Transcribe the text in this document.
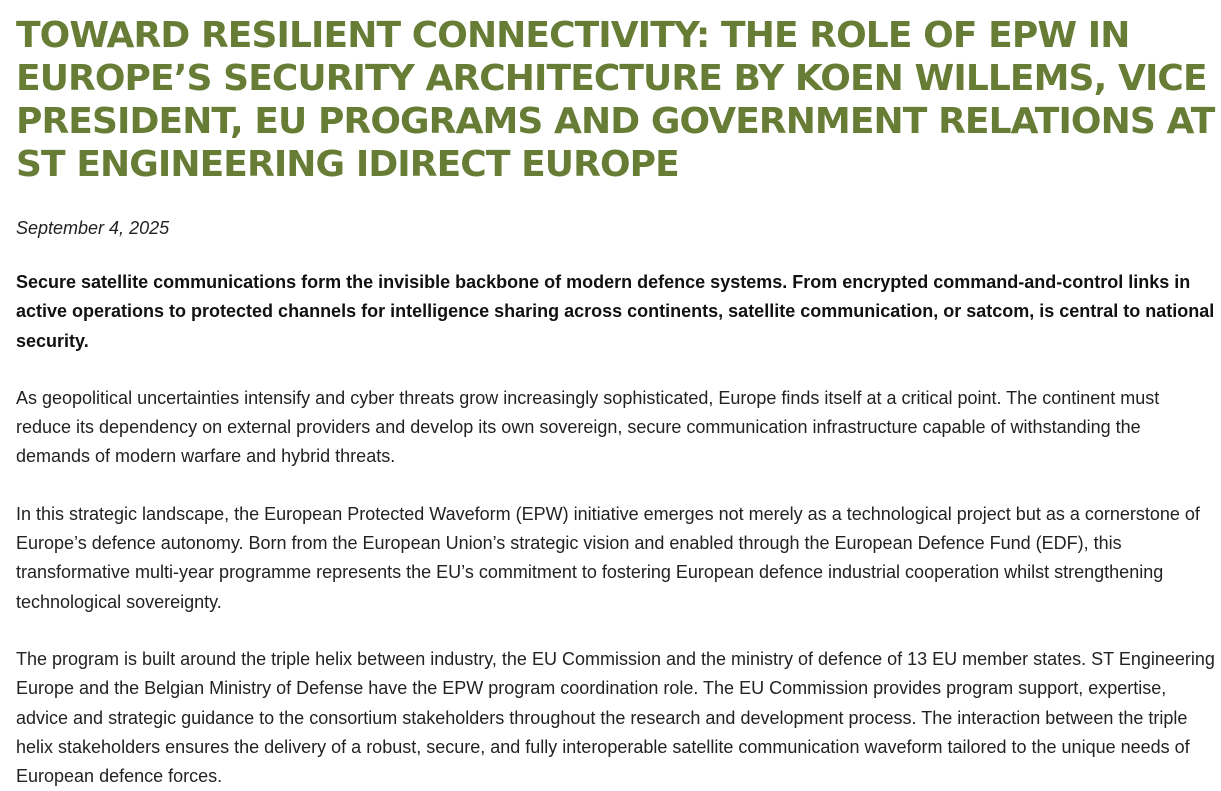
TOWARD RESILIENT CONNECTIVITY: THE ROLE OF EPW IN EUROPE’S SECURITY ARCHITECTURE BY KOEN WILLEMS, VICE PRESIDENT, EU PROGRAMS AND GOVERNMENT RELATIONS AT ST ENGINEERING IDIRECT EUROPE

September 4, 2025

Secure satellite communications form the invisible backbone of modern defence systems. From encrypted command-and-control links in active operations to protected channels for intelligence sharing across continents, satellite communication, or satcom, is central to national security.

As geopolitical uncertainties intensify and cyber threats grow increasingly sophisticated, Europe finds itself at a critical point. The continent must reduce its dependency on external providers and develop its own sovereign, secure communication infrastructure capable of withstanding the demands of modern warfare and hybrid threats.

In this strategic landscape, the European Protected Waveform (EPW) initiative emerges not merely as a technological project but as a cornerstone of Europe’s defence autonomy. Born from the European Union’s strategic vision and enabled through the European Defence Fund (EDF), this transformative multi-year programme represents the EU’s commitment to fostering European defence industrial cooperation whilst strengthening technological sovereignty.

The program is built around the triple helix between industry, the EU Commission and the ministry of defence of 13 EU member states. ST Engineering Europe and the Belgian Ministry of Defense have the EPW program coordination role. The EU Commission provides program support, expertise, advice and strategic guidance to the consortium stakeholders throughout the research and development process. The interaction between the triple helix stakeholders ensures the delivery of a robust, secure, and fully interoperable satellite communication waveform tailored to the unique needs of European defence forces.
